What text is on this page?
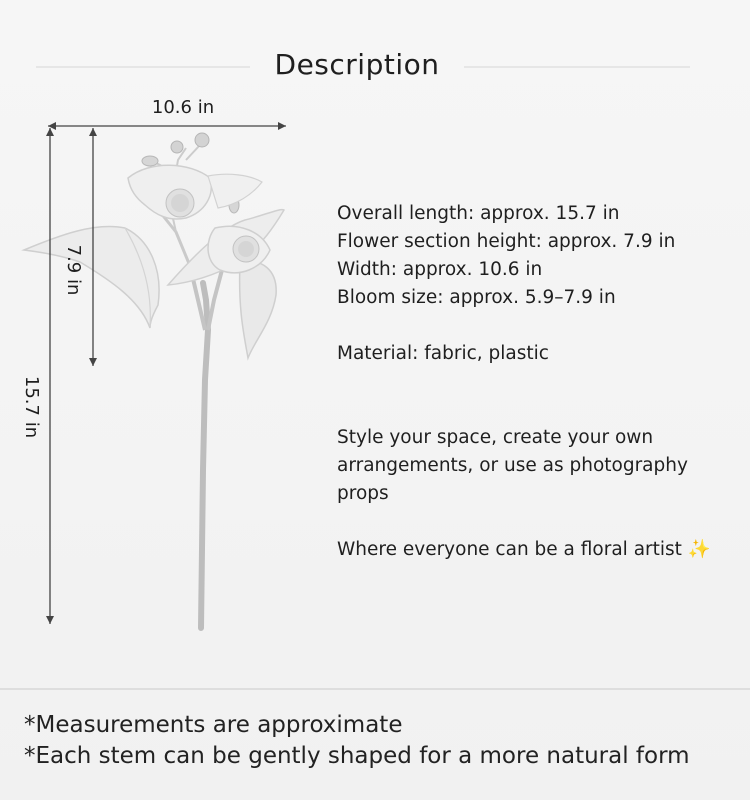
Description
10.6 in
7.9 in
15.7 in
Overall length: approx. 15.7 in
Flower section height: approx. 7.9 in
Width: approx. 10.6 in
Bloom size: approx. 5.9–7.9 in
Material: fabric, plastic
Style your space, create your own
arrangements, or use as photography
props
Where everyone can be a floral artist ✨
*Measurements are approximate
*Each stem can be gently shaped for a more natural form
